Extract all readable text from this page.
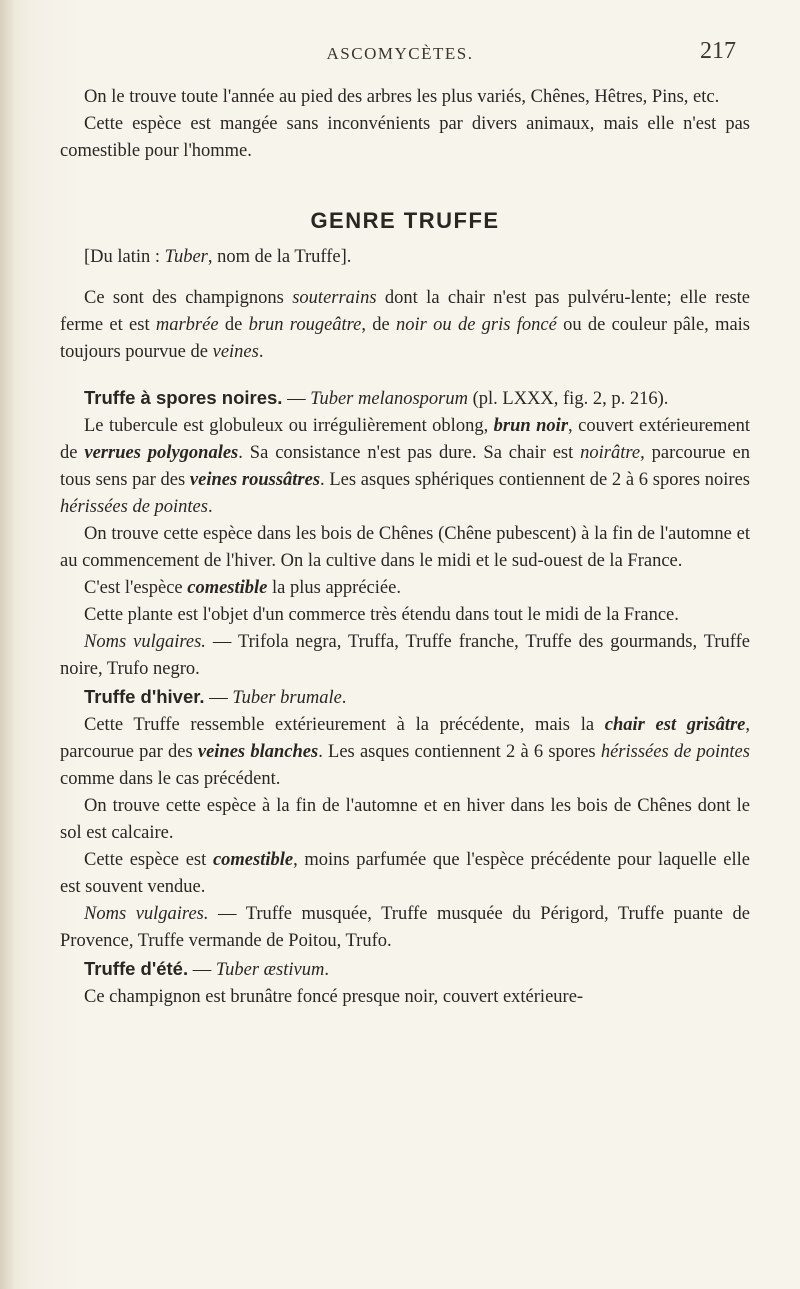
ASCOMYCÈTES.	217

On le trouve toute l'année au pied des arbres les plus variés, Chênes, Hêtres, Pins, etc.

Cette espèce est mangée sans inconvénients par divers animaux, mais elle n'est pas comestible pour l'homme.

GENRE TRUFFE

[Du latin : Tuber, nom de la Truffe].

Ce sont des champignons souterrains dont la chair n'est pas pulvéru-lente; elle reste ferme et est marbrée de brun rougeâtre, de noir ou de gris foncé ou de couleur pâle, mais toujours pourvue de veines.

Truffe à spores noires. — Tuber melanosporum (pl. LXXX, fig. 2, p. 216).

Le tubercule est globuleux ou irrégulièrement oblong, brun noir, couvert extérieurement de verrues polygonales. Sa consistance n'est pas dure. Sa chair est noirâtre, parcourue en tous sens par des veines roussâtres. Les asques sphériques contiennent de 2 à 6 spores noires hérissées de pointes.

On trouve cette espèce dans les bois de Chênes (Chêne pubescent) à la fin de l'automne et au commencement de l'hiver. On la cultive dans le midi et le sud-ouest de la France.

C'est l'espèce comestible la plus appréciée.

Cette plante est l'objet d'un commerce très étendu dans tout le midi de la France.

Noms vulgaires. — Trifola negra, Truffa, Truffe franche, Truffe des gourmands, Truffe noire, Trufo negro.

Truffe d'hiver. — Tuber brumale.

Cette Truffe ressemble extérieurement à la précédente, mais la chair est grisâtre, parcourue par des veines blanches. Les asques contiennent 2 à 6 spores hérissées de pointes comme dans le cas précédent.

On trouve cette espèce à la fin de l'automne et en hiver dans les bois de Chênes dont le sol est calcaire.

Cette espèce est comestible, moins parfumée que l'espèce précédente pour laquelle elle est souvent vendue.

Noms vulgaires. — Truffe musquée, Truffe musquée du Périgord, Truffe puante de Provence, Truffe vermande de Poitou, Trufo.

Truffe d'été. — Tuber æstivum.

Ce champignon est brunâtre foncé presque noir, couvert extérieure-
